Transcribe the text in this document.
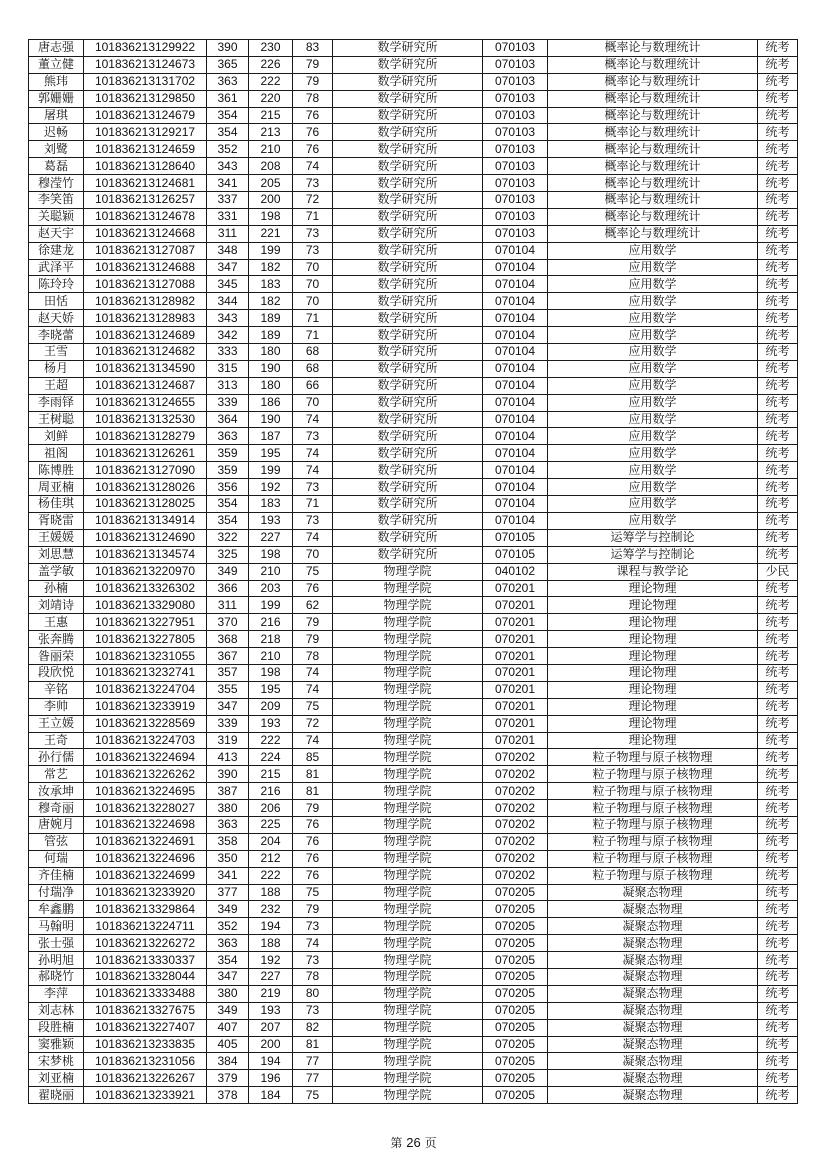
唐志强	101836213129922	390	230	83	数学研究所	070103	概率论与数理统计	统考
董立健	101836213124673	365	226	79	数学研究所	070103	概率论与数理统计	统考
熊玮	101836213131702	363	222	79	数学研究所	070103	概率论与数理统计	统考
郭姗姗	101836213129850	361	220	78	数学研究所	070103	概率论与数理统计	统考
屠琪	101836213124679	354	215	76	数学研究所	070103	概率论与数理统计	统考
迟畅	101836213129217	354	213	76	数学研究所	070103	概率论与数理统计	统考
刘鹭	101836213124659	352	210	76	数学研究所	070103	概率论与数理统计	统考
葛磊	101836213128640	343	208	74	数学研究所	070103	概率论与数理统计	统考
穆滢竹	101836213124681	341	205	73	数学研究所	070103	概率论与数理统计	统考
李笑笛	101836213126257	337	200	72	数学研究所	070103	概率论与数理统计	统考
关聪颖	101836213124678	331	198	71	数学研究所	070103	概率论与数理统计	统考
赵天宇	101836213124668	311	221	73	数学研究所	070103	概率论与数理统计	统考
徐建龙	101836213127087	348	199	73	数学研究所	070104	应用数学	统考
武泽平	101836213124688	347	182	70	数学研究所	070104	应用数学	统考
陈玲玲	101836213127088	345	183	70	数学研究所	070104	应用数学	统考
田恬	101836213128982	344	182	70	数学研究所	070104	应用数学	统考
赵天娇	101836213128983	343	189	71	数学研究所	070104	应用数学	统考
李晓蕾	101836213124689	342	189	71	数学研究所	070104	应用数学	统考
王雪	101836213124682	333	180	68	数学研究所	070104	应用数学	统考
杨月	101836213134590	315	190	68	数学研究所	070104	应用数学	统考
王超	101836213124687	313	180	66	数学研究所	070104	应用数学	统考
李雨铎	101836213124655	339	186	70	数学研究所	070104	应用数学	统考
王树聪	101836213132530	364	190	74	数学研究所	070104	应用数学	统考
刘鲜	101836213128279	363	187	73	数学研究所	070104	应用数学	统考
祖阁	101836213126261	359	195	74	数学研究所	070104	应用数学	统考
陈博胜	101836213127090	359	199	74	数学研究所	070104	应用数学	统考
周亚楠	101836213128026	356	192	73	数学研究所	070104	应用数学	统考
杨佳琪	101836213128025	354	183	71	数学研究所	070104	应用数学	统考
胥晓雷	101836213134914	354	193	73	数学研究所	070104	应用数学	统考
王媛媛	101836213124690	322	227	74	数学研究所	070105	运筹学与控制论	统考
刘思慧	101836213134574	325	198	70	数学研究所	070105	运筹学与控制论	统考
盖学敏	101836213220970	349	210	75	物理学院	040102	课程与教学论	少民
孙楠	101836213326302	366	203	76	物理学院	070201	理论物理	统考
刘靖诗	101836213329080	311	199	62	物理学院	070201	理论物理	统考
王惠	101836213227951	370	216	79	物理学院	070201	理论物理	统考
张奔腾	101836213227805	368	218	79	物理学院	070201	理论物理	统考
昝丽荣	101836213231055	367	210	78	物理学院	070201	理论物理	统考
段欣悦	101836213232741	357	198	74	物理学院	070201	理论物理	统考
辛铭	101836213224704	355	195	74	物理学院	070201	理论物理	统考
李帅	101836213233919	347	209	75	物理学院	070201	理论物理	统考
王立媛	101836213228569	339	193	72	物理学院	070201	理论物理	统考
王奇	101836213224703	319	222	74	物理学院	070201	理论物理	统考
孙行儒	101836213224694	413	224	85	物理学院	070202	粒子物理与原子核物理	统考
常艺	101836213226262	390	215	81	物理学院	070202	粒子物理与原子核物理	统考
汝承坤	101836213224695	387	216	81	物理学院	070202	粒子物理与原子核物理	统考
穆奇丽	101836213228027	380	206	79	物理学院	070202	粒子物理与原子核物理	统考
唐婉月	101836213224698	363	225	76	物理学院	070202	粒子物理与原子核物理	统考
管弦	101836213224691	358	204	76	物理学院	070202	粒子物理与原子核物理	统考
何瑞	101836213224696	350	212	76	物理学院	070202	粒子物理与原子核物理	统考
齐佳楠	101836213224699	341	222	76	物理学院	070202	粒子物理与原子核物理	统考
付瑞净	101836213233920	377	188	75	物理学院	070205	凝聚态物理	统考
牟鑫鹏	101836213329864	349	232	79	物理学院	070205	凝聚态物理	统考
马翰明	101836213224711	352	194	73	物理学院	070205	凝聚态物理	统考
张士强	101836213226272	363	188	74	物理学院	070205	凝聚态物理	统考
孙明旭	101836213330337	354	192	73	物理学院	070205	凝聚态物理	统考
郝晓竹	101836213328044	347	227	78	物理学院	070205	凝聚态物理	统考
李萍	101836213333488	380	219	80	物理学院	070205	凝聚态物理	统考
刘志林	101836213327675	349	193	73	物理学院	070205	凝聚态物理	统考
段胜楠	101836213227407	407	207	82	物理学院	070205	凝聚态物理	统考
窦雅颖	101836213233835	405	200	81	物理学院	070205	凝聚态物理	统考
宋梦桃	101836213231056	384	194	77	物理学院	070205	凝聚态物理	统考
刘亚楠	101836213226267	379	196	77	物理学院	070205	凝聚态物理	统考
翟晓丽	101836213233921	378	184	75	物理学院	070205	凝聚态物理	统考
第 26 页
